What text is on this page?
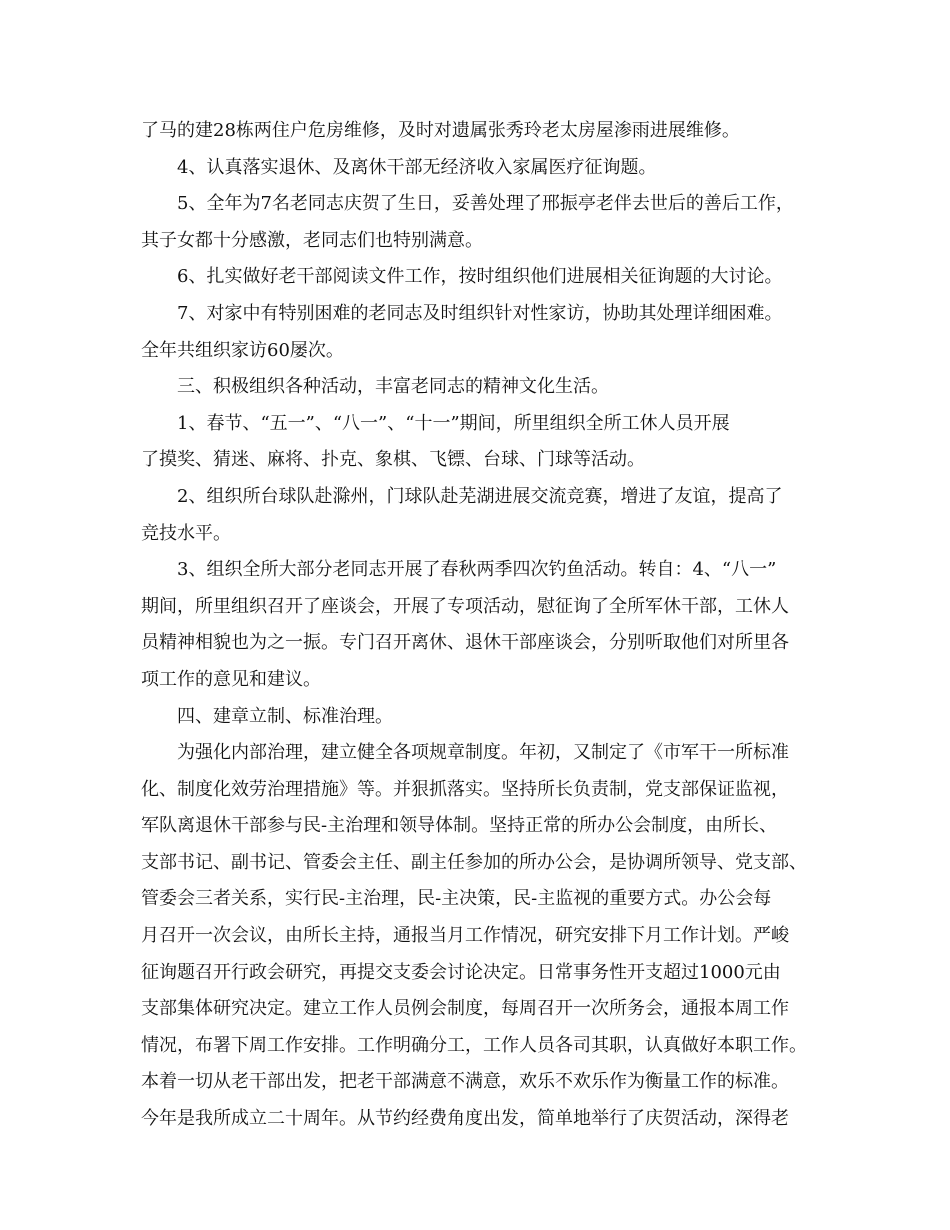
了马的建28栋两住户危房维修，及时对遗属张秀玲老太房屋渗雨进展维修。
4、认真落实退休、及离休干部无经济收入家属医疗征询题。
5、全年为7名老同志庆贺了生日，妥善处理了邢振亭老伴去世后的善后工作，
其子女都十分感激，老同志们也特别满意。
6、扎实做好老干部阅读文件工作，按时组织他们进展相关征询题的大讨论。
7、对家中有特别困难的老同志及时组织针对性家访，协助其处理详细困难。
全年共组织家访60屡次。
三、积极组织各种活动，丰富老同志的精神文化生活。
1、春节、“五一”、“八一”、“十一”期间，所里组织全所工休人员开展
了摸奖、猜迷、麻将、扑克、象棋、飞镖、台球、门球等活动。
2、组织所台球队赴滁州，门球队赴芜湖进展交流竞赛，增进了友谊，提高了
竞技水平。
3、组织全所大部分老同志开展了春秋两季四次钓鱼活动。转自：4、“八一”
期间，所里组织召开了座谈会，开展了专项活动，慰征询了全所军休干部，工休人
员精神相貌也为之一振。专门召开离休、退休干部座谈会，分别听取他们对所里各
项工作的意见和建议。
四、建章立制、标准治理。
为强化内部治理，建立健全各项规章制度。年初，又制定了《市军干一所标准
化、制度化效劳治理措施》等。并狠抓落实。坚持所长负责制，党支部保证监视，
军队离退休干部参与民-主治理和领导体制。坚持正常的所办公会制度，由所长、
支部书记、副书记、管委会主任、副主任参加的所办公会，是协调所领导、党支部、
管委会三者关系，实行民-主治理，民-主决策，民-主监视的重要方式。办公会每
月召开一次会议，由所长主持，通报当月工作情况，研究安排下月工作计划。严峻
征询题召开行政会研究，再提交支委会讨论决定。日常事务性开支超过1000元由
支部集体研究决定。建立工作人员例会制度，每周召开一次所务会，通报本周工作
情况，布署下周工作安排。工作明确分工，工作人员各司其职，认真做好本职工作。
本着一切从老干部出发，把老干部满意不满意，欢乐不欢乐作为衡量工作的标准。
今年是我所成立二十周年。从节约经费角度出发，简单地举行了庆贺活动，深得老
